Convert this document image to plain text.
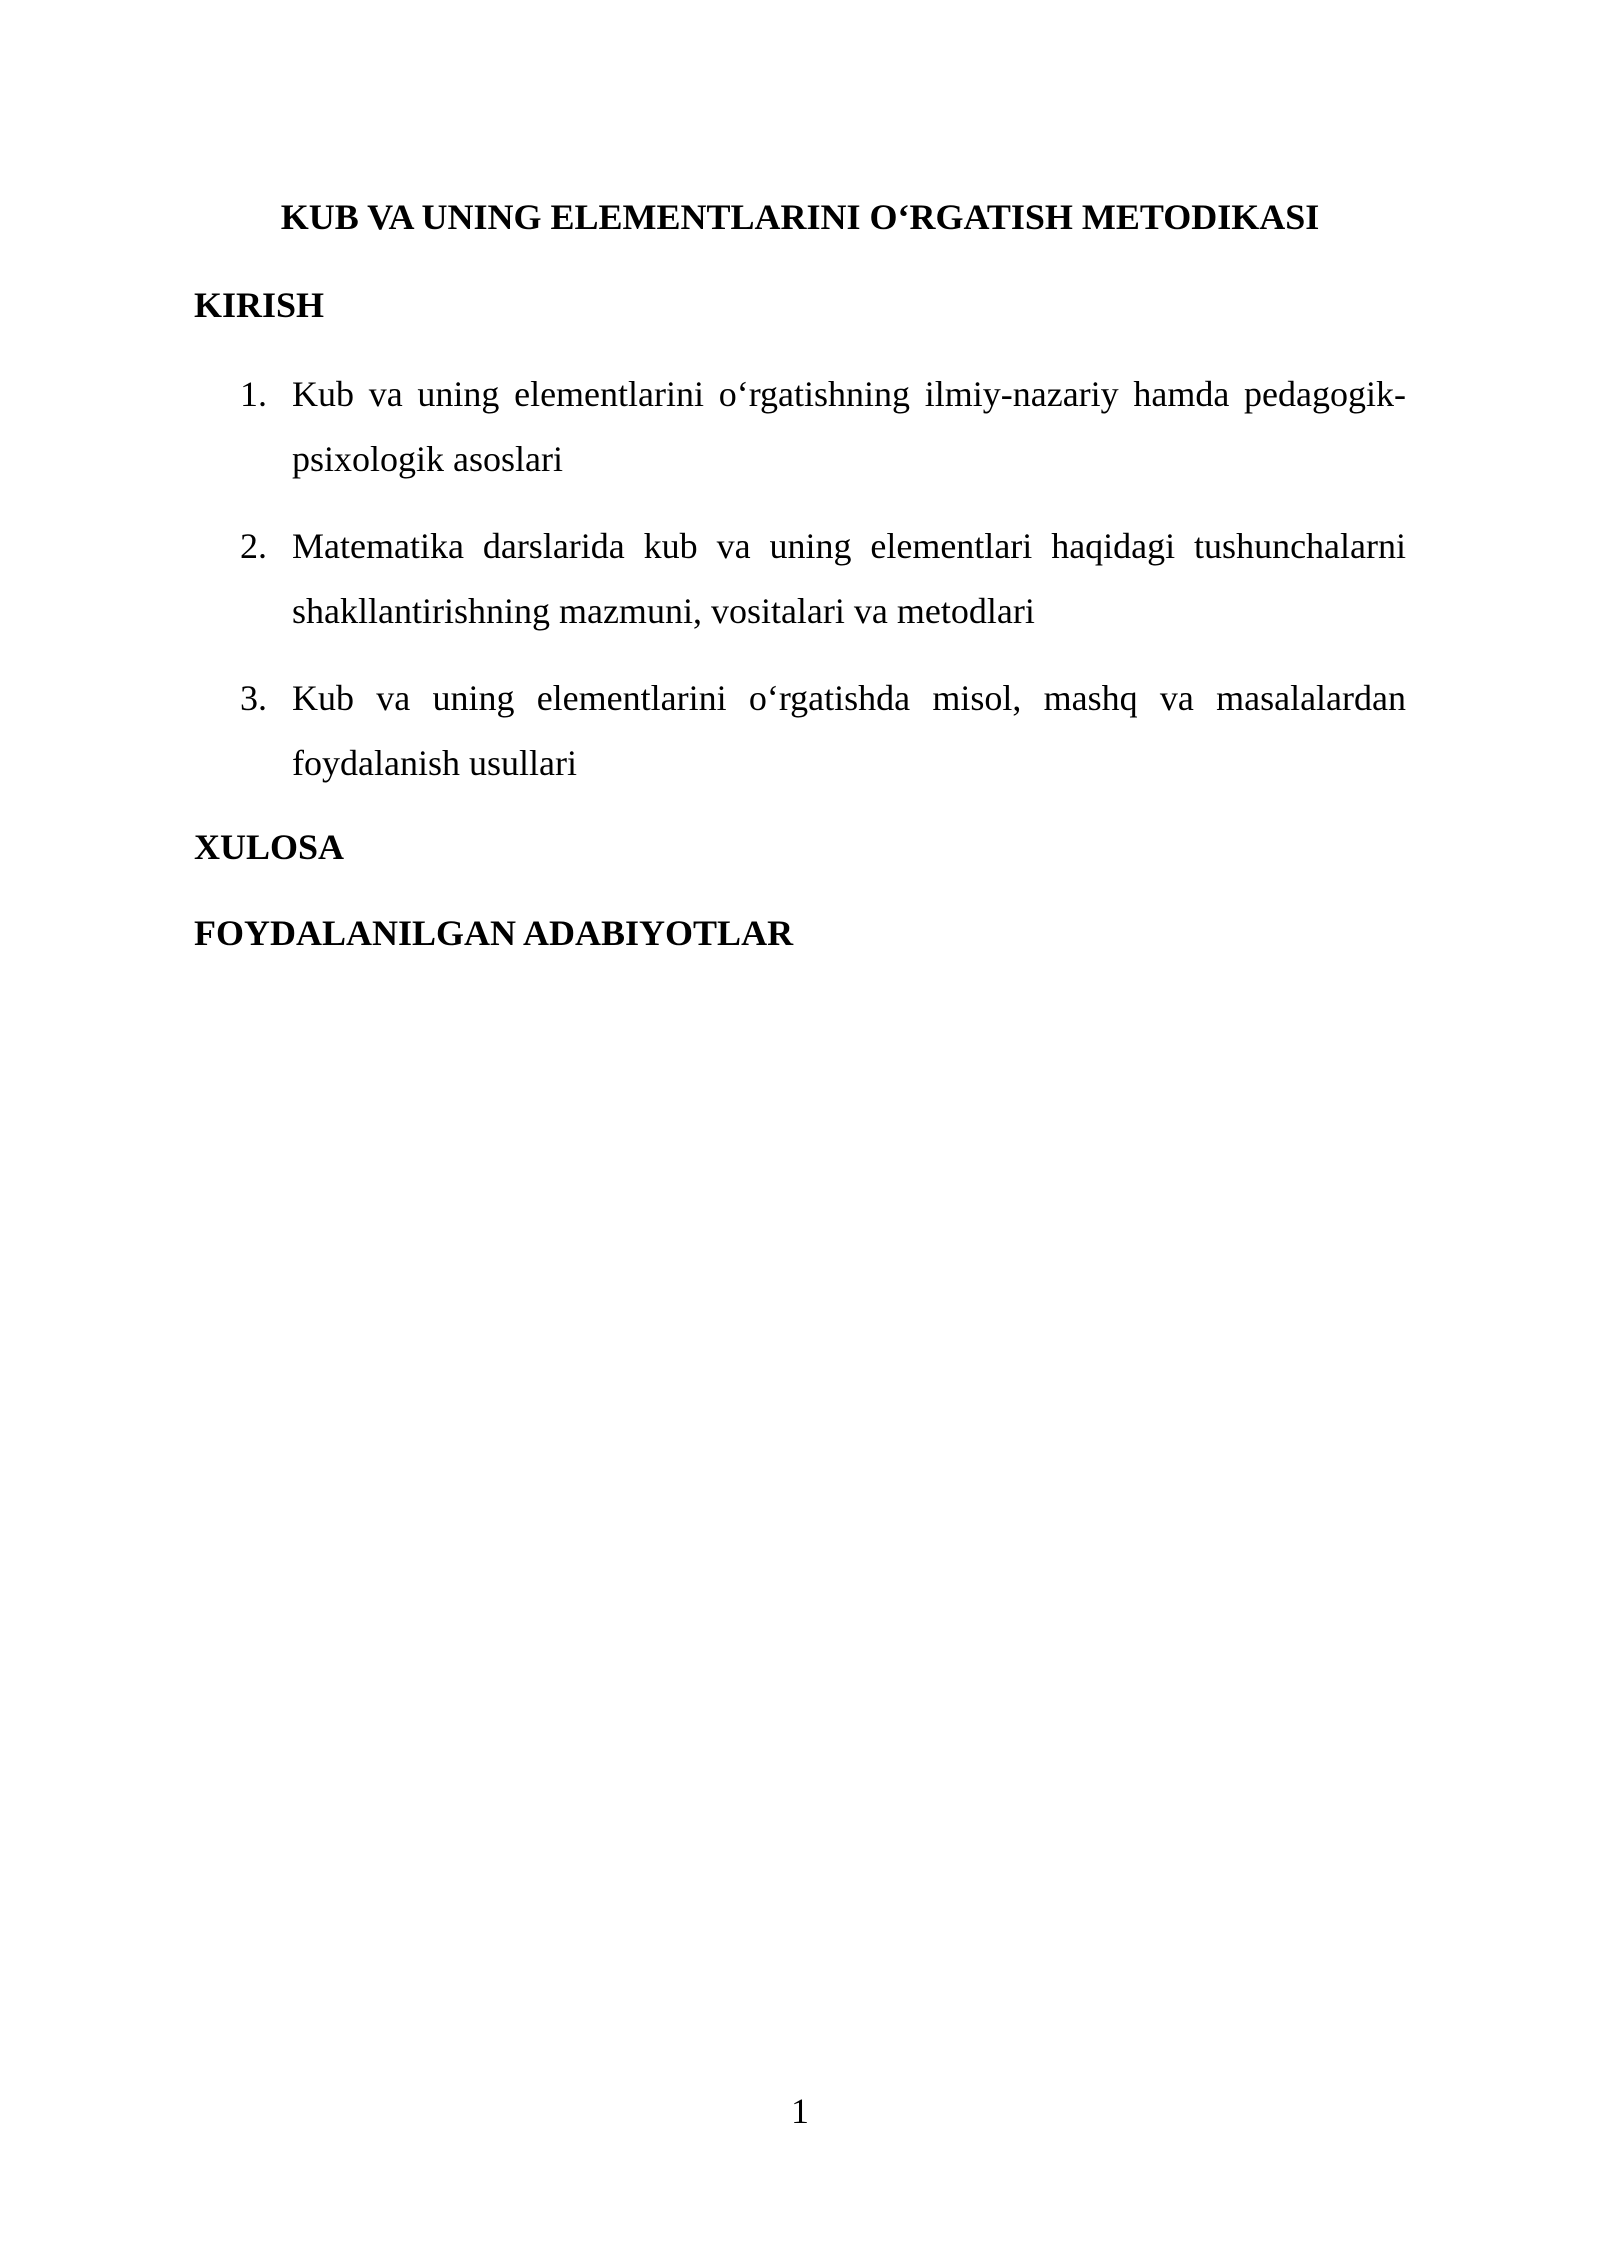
KUB VA UNING ELEMENTLARINI O‘RGATISH METODIKASI
KIRISH
1. Kub va uning elementlarini o‘rgatishning ilmiy-nazariy hamda pedagogik-psixologik asoslari
2. Matematika darslarida kub va uning elementlari haqidagi tushunchalarni shakllantirishning mazmuni, vositalari va metodlari
3. Kub va uning elementlarini o‘rgatishda misol, mashq va masalalardan foydalanish usullari
XULOSA
FOYDALANILGAN ADABIYOTLAR
1
